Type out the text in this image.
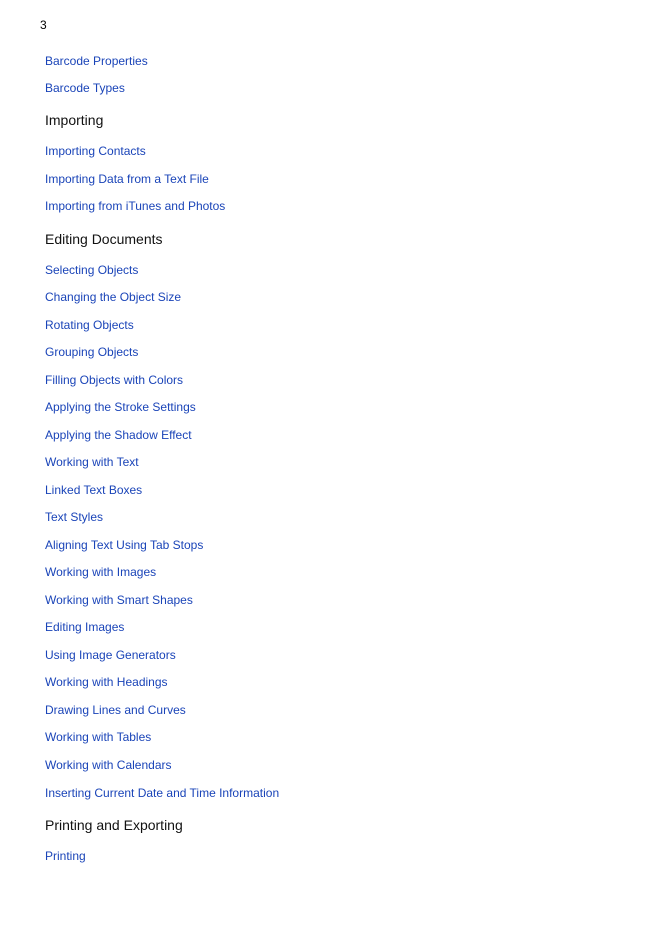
3
Barcode Properties
Barcode Types
Importing
Importing Contacts
Importing Data from a Text File
Importing from iTunes and Photos
Editing Documents
Selecting Objects
Changing the Object Size
Rotating Objects
Grouping Objects
Filling Objects with Colors
Applying the Stroke Settings
Applying the Shadow Effect
Working with Text
Linked Text Boxes
Text Styles
Aligning Text Using Tab Stops
Working with Images
Working with Smart Shapes
Editing Images
Using Image Generators
Working with Headings
Drawing Lines and Curves
Working with Tables
Working with Calendars
Inserting Current Date and Time Information
Printing and Exporting
Printing
